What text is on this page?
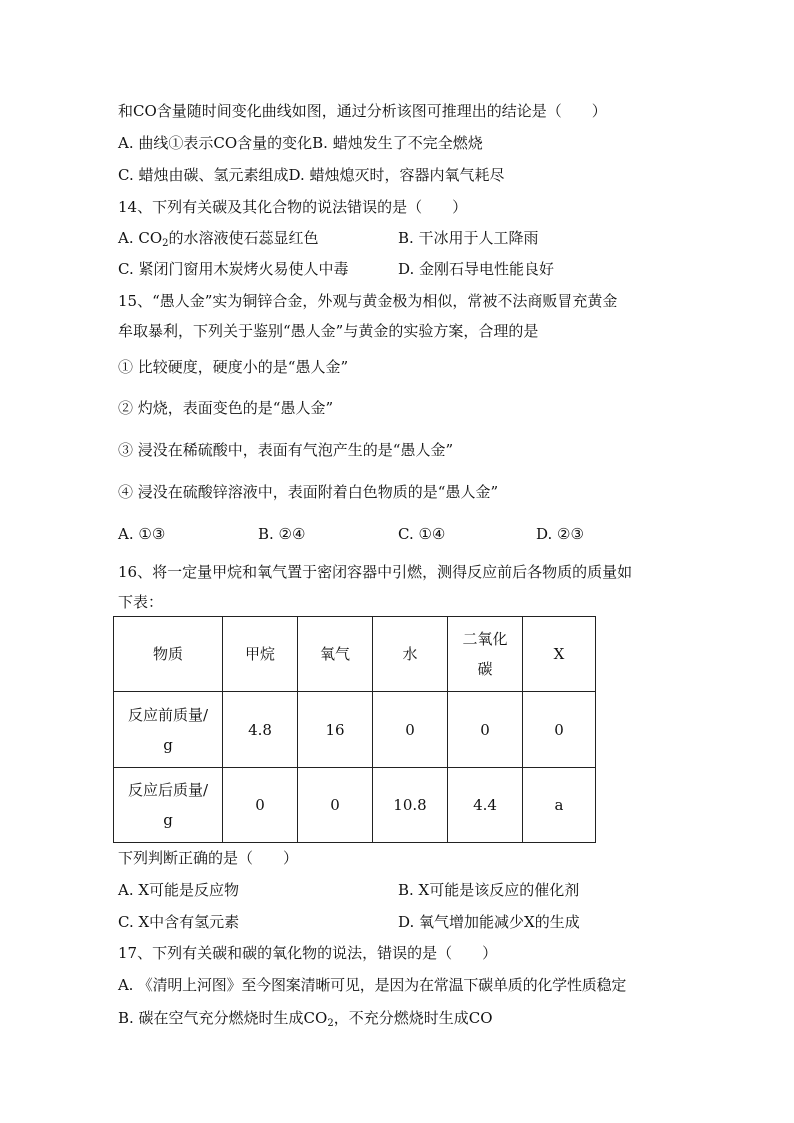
和CO含量随时间变化曲线如图，通过分析该图可推理出的结论是（　　）
A. 曲线①表示CO含量的变化B. 蜡烛发生了不完全燃烧
C. 蜡烛由碳、氢元素组成D. 蜡烛熄灭时，容器内氧气耗尽
14、下列有关碳及其化合物的说法错误的是（　　）
A. $CO_2$的水溶液使石蕊显红色	B. 干冰用于人工降雨
C. 紧闭门窗用木炭烤火易使人中毒	D. 金刚石导电性能良好
15、“愚人金”实为铜锌合金，外观与黄金极为相似，常被不法商贩冒充黄金
牟取暴利，下列关于鉴别“愚人金”与黄金的实验方案，合理的是
① 比较硬度，硬度小的是“愚人金”
② 灼烧，表面变色的是“愚人金”
③ 浸没在稀硫酸中，表面有气泡产生的是“愚人金”
④ 浸没在硫酸锌溶液中，表面附着白色物质的是“愚人金”
A. ①③	B. ②④	C. ①④	D. ②③
16、将一定量甲烷和氧气置于密闭容器中引燃，测得反应前后各物质的质量如
下表：
物质	甲烷	氧气	水	二氧化
碳	X
反应前质量/
g	4.8	16	0	0	0
反应后质量/
g	0	0	10.8	4.4	a
下列判断正确的是（　　）
A. X可能是反应物	B. X可能是该反应的催化剂
C. X中含有氢元素	D. 氧气增加能减少X的生成
17、下列有关碳和碳的氧化物的说法，错误的是（　　）
A. 《清明上河图》至今图案清晰可见，是因为在常温下碳单质的化学性质稳定
B. 碳在空气充分燃烧时生成$CO_2$，不充分燃烧时生成CO
